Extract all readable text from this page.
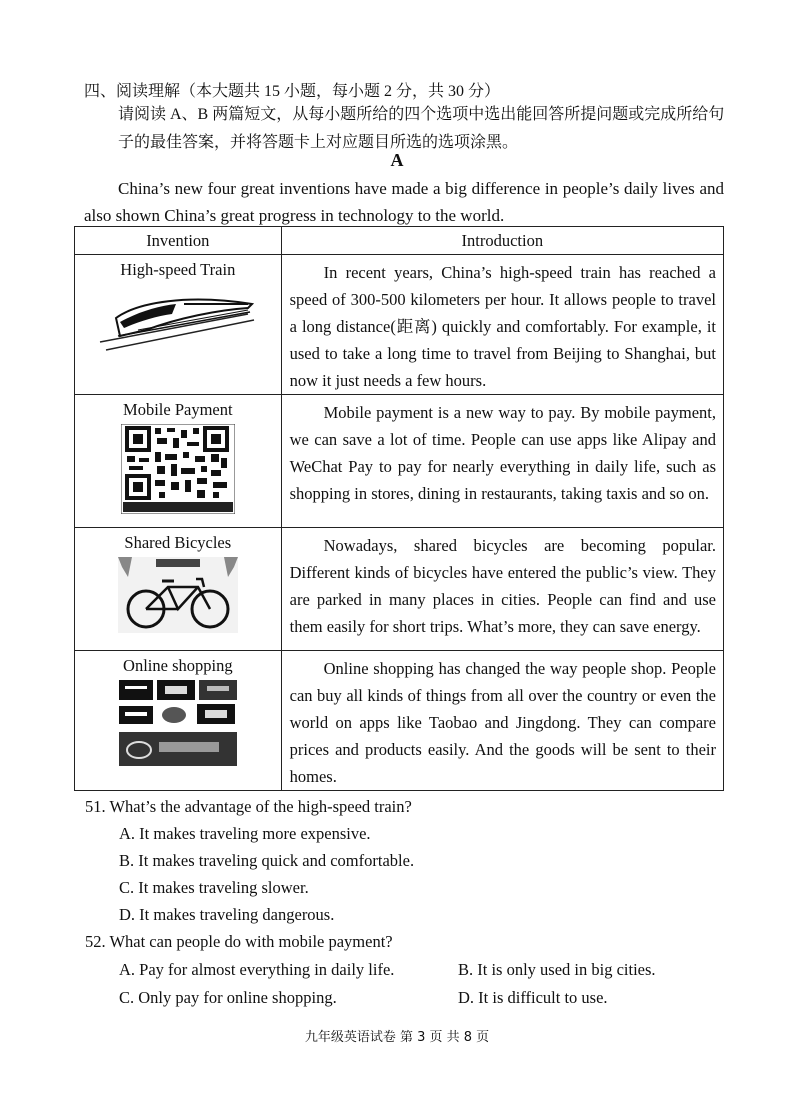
四、阅读理解（本大题共 15 小题，每小题 2 分，共 30 分）
请阅读 A、B 两篇短文，从每小题所给的四个选项中选出能回答所提问题或完成所给句子的最佳答案，并将答题卡上对应题目所选的选项涂黑。
A
China’s new four great inventions have made a big difference in people’s daily lives and also shown China’s great progress in technology to the world.
Invention	Introduction

High-speed Train	In recent years, China’s high-speed train has reached a speed of 300-500 kilometers per hour. It allows people to travel a long distance(距离) quickly and comfortably. For example, it used to take a long time to travel from Beijing to Shanghai, but now it just needs a few hours.

Mobile Payment	Mobile payment is a new way to pay. By mobile payment, we can save a lot of time. People can use apps like Alipay and WeChat Pay to pay for nearly everything in daily life, such as shopping in stores, dining in restaurants, taking taxis and so on.

Shared Bicycles	Nowadays, shared bicycles are becoming popular. Different kinds of bicycles have entered the public’s view. They are parked in many places in cities. People can find and use them easily for short trips. What’s more, they can save energy.

Online shopping	Online shopping has changed the way people shop. People can buy all kinds of things from all over the country or even the world on apps like Taobao and Jingdong. They can compare prices and products easily. And the goods will be sent to their homes.
51. What’s the advantage of the high-speed train?
A. It makes traveling more expensive.
B. It makes traveling quick and comfortable.
C. It makes traveling slower.
D. It makes traveling dangerous.
52. What can people do with mobile payment?
A. Pay for almost everything in daily life.	B. It is only used in big cities.
C. Only pay for online shopping.	D. It is difficult to use.
九年级英语试卷 第 3 页 共 8 页
